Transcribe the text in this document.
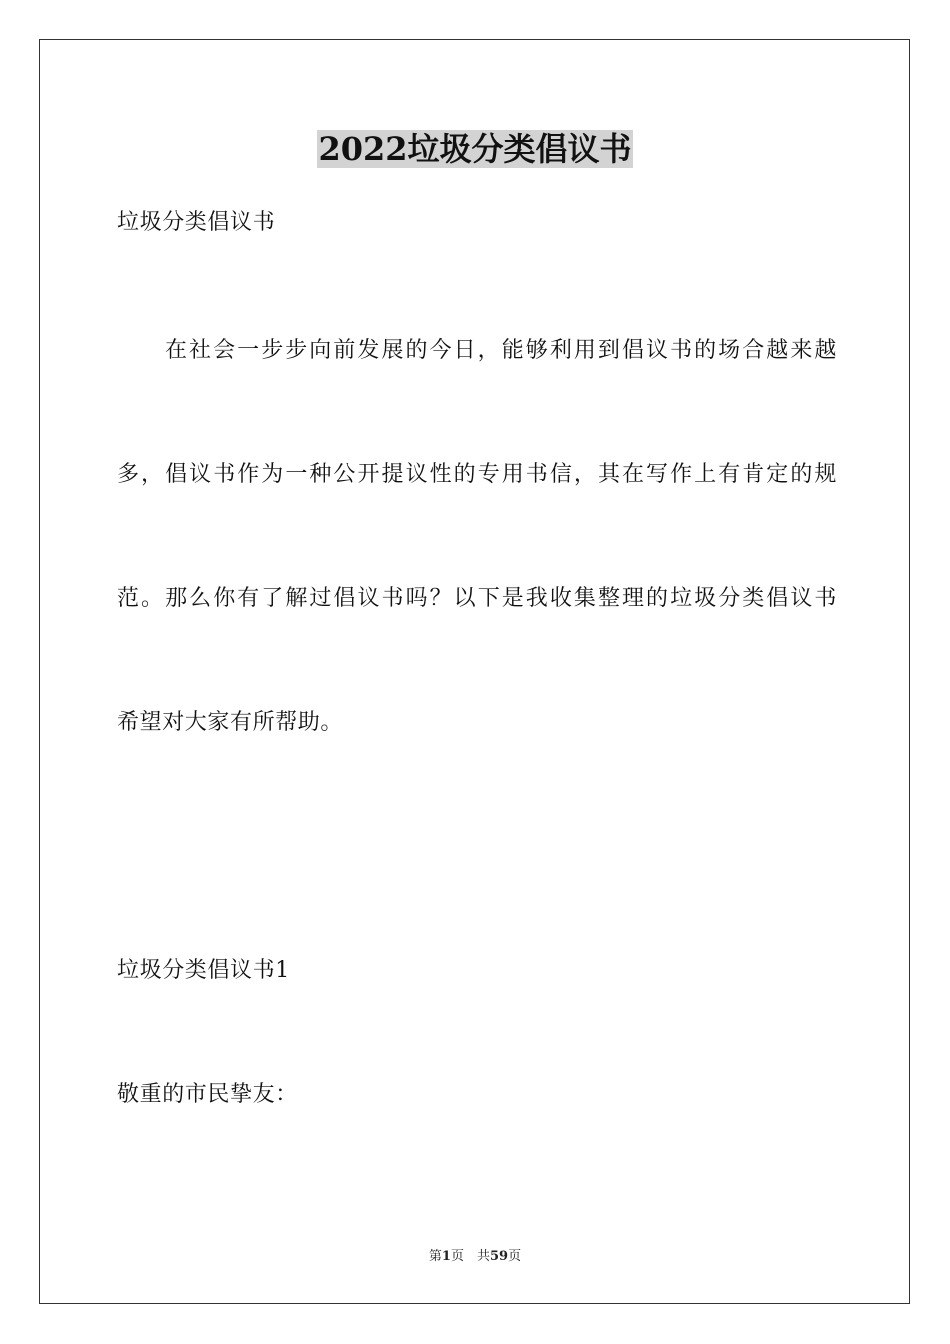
2022垃圾分类倡议书
垃圾分类倡议书
在社会一步步向前发展的今日，能够利用到倡议书的场合越来越
多，倡议书作为一种公开提议性的专用书信，其在写作上有肯定的规
范。那么你有了解过倡议书吗？以下是我收集整理的垃圾分类倡议书
希望对大家有所帮助。
垃圾分类倡议书1
敬重的市民挚友：
第1页　共59页
